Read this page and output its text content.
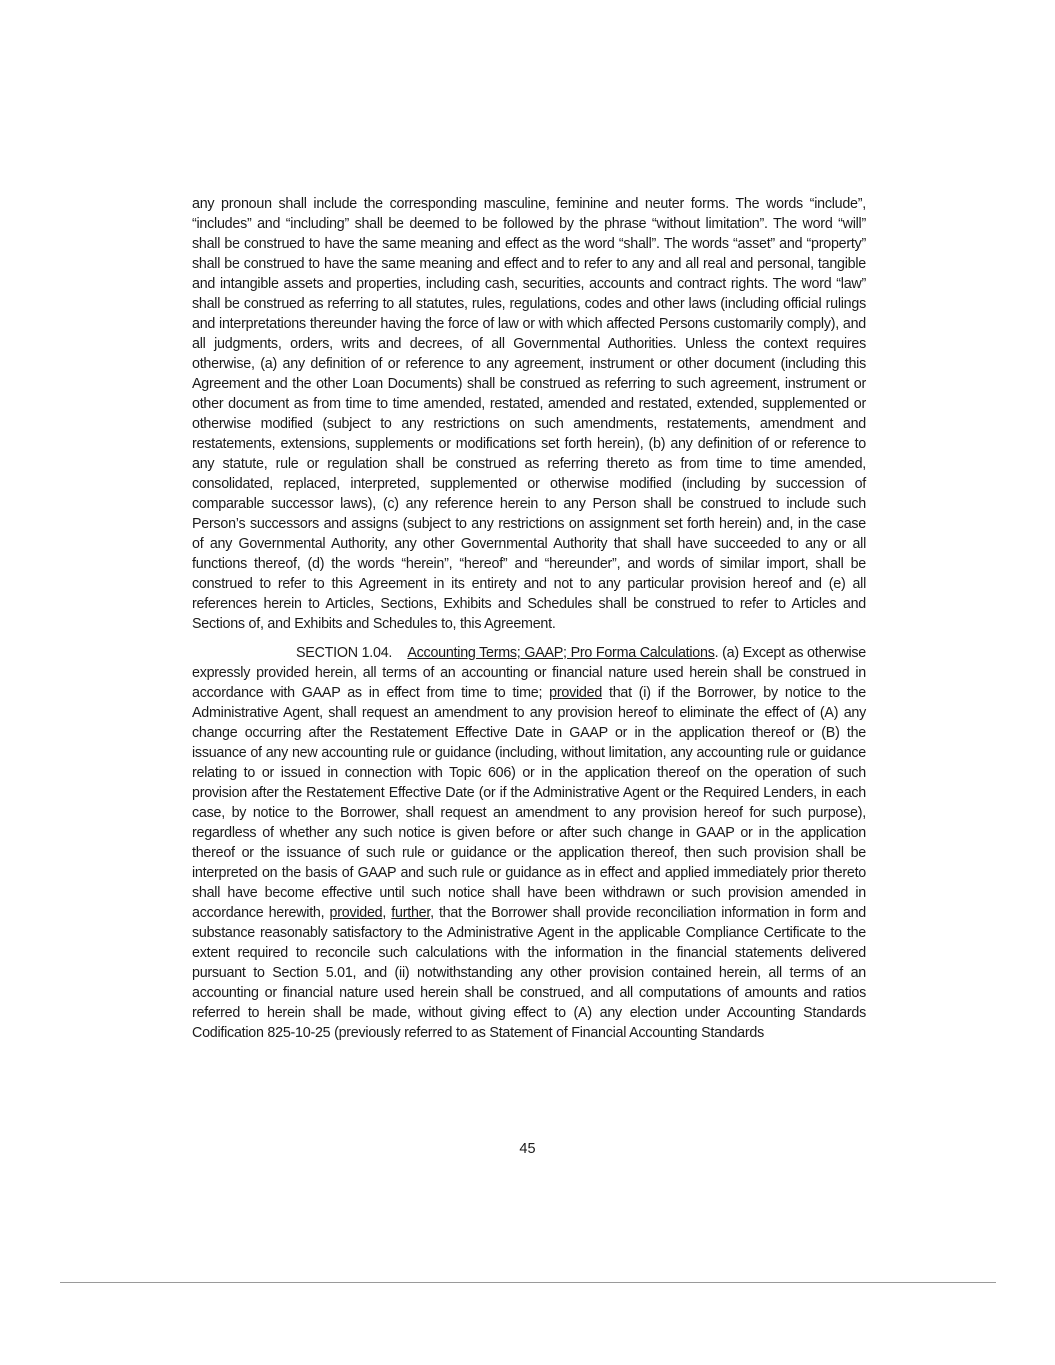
any pronoun shall include the corresponding masculine, feminine and neuter forms. The words “include”, “includes” and “including” shall be deemed to be followed by the phrase “without limitation”. The word “will” shall be construed to have the same meaning and effect as the word “shall”. The words “asset” and “property” shall be construed to have the same meaning and effect and to refer to any and all real and personal, tangible and intangible assets and properties, including cash, securities, accounts and contract rights. The word “law” shall be construed as referring to all statutes, rules, regulations, codes and other laws (including official rulings and interpretations thereunder having the force of law or with which affected Persons customarily comply), and all judgments, orders, writs and decrees, of all Governmental Authorities. Unless the context requires otherwise, (a) any definition of or reference to any agreement, instrument or other document (including this Agreement and the other Loan Documents) shall be construed as referring to such agreement, instrument or other document as from time to time amended, restated, amended and restated, extended, supplemented or otherwise modified (subject to any restrictions on such amendments, restatements, amendment and restatements, extensions, supplements or modifications set forth herein), (b) any definition of or reference to any statute, rule or regulation shall be construed as referring thereto as from time to time amended, consolidated, replaced, interpreted, supplemented or otherwise modified (including by succession of comparable successor laws), (c) any reference herein to any Person shall be construed to include such Person’s successors and assigns (subject to any restrictions on assignment set forth herein) and, in the case of any Governmental Authority, any other Governmental Authority that shall have succeeded to any or all functions thereof, (d) the words “herein”, “hereof” and “hereunder”, and words of similar import, shall be construed to refer to this Agreement in its entirety and not to any particular provision hereof and (e) all references herein to Articles, Sections, Exhibits and Schedules shall be construed to refer to Articles and Sections of, and Exhibits and Schedules to, this Agreement.

SECTION 1.04. Accounting Terms; GAAP; Pro Forma Calculations. (a) Except as otherwise expressly provided herein, all terms of an accounting or financial nature used herein shall be construed in accordance with GAAP as in effect from time to time; provided that (i) if the Borrower, by notice to the Administrative Agent, shall request an amendment to any provision hereof to eliminate the effect of (A) any change occurring after the Restatement Effective Date in GAAP or in the application thereof or (B) the issuance of any new accounting rule or guidance (including, without limitation, any accounting rule or guidance relating to or issued in connection with Topic 606) or in the application thereof on the operation of such provision after the Restatement Effective Date (or if the Administrative Agent or the Required Lenders, in each case, by notice to the Borrower, shall request an amendment to any provision hereof for such purpose), regardless of whether any such notice is given before or after such change in GAAP or in the application thereof or the issuance of such rule or guidance or the application thereof, then such provision shall be interpreted on the basis of GAAP and such rule or guidance as in effect and applied immediately prior thereto shall have become effective until such notice shall have been withdrawn or such provision amended in accordance herewith, provided, further, that the Borrower shall provide reconciliation information in form and substance reasonably satisfactory to the Administrative Agent in the applicable Compliance Certificate to the extent required to reconcile such calculations with the information in the financial statements delivered pursuant to Section 5.01, and (ii) notwithstanding any other provision contained herein, all terms of an accounting or financial nature used herein shall be construed, and all computations of amounts and ratios referred to herein shall be made, without giving effect to (A) any election under Accounting Standards Codification 825-10-25 (previously referred to as Statement of Financial Accounting Standards

45
